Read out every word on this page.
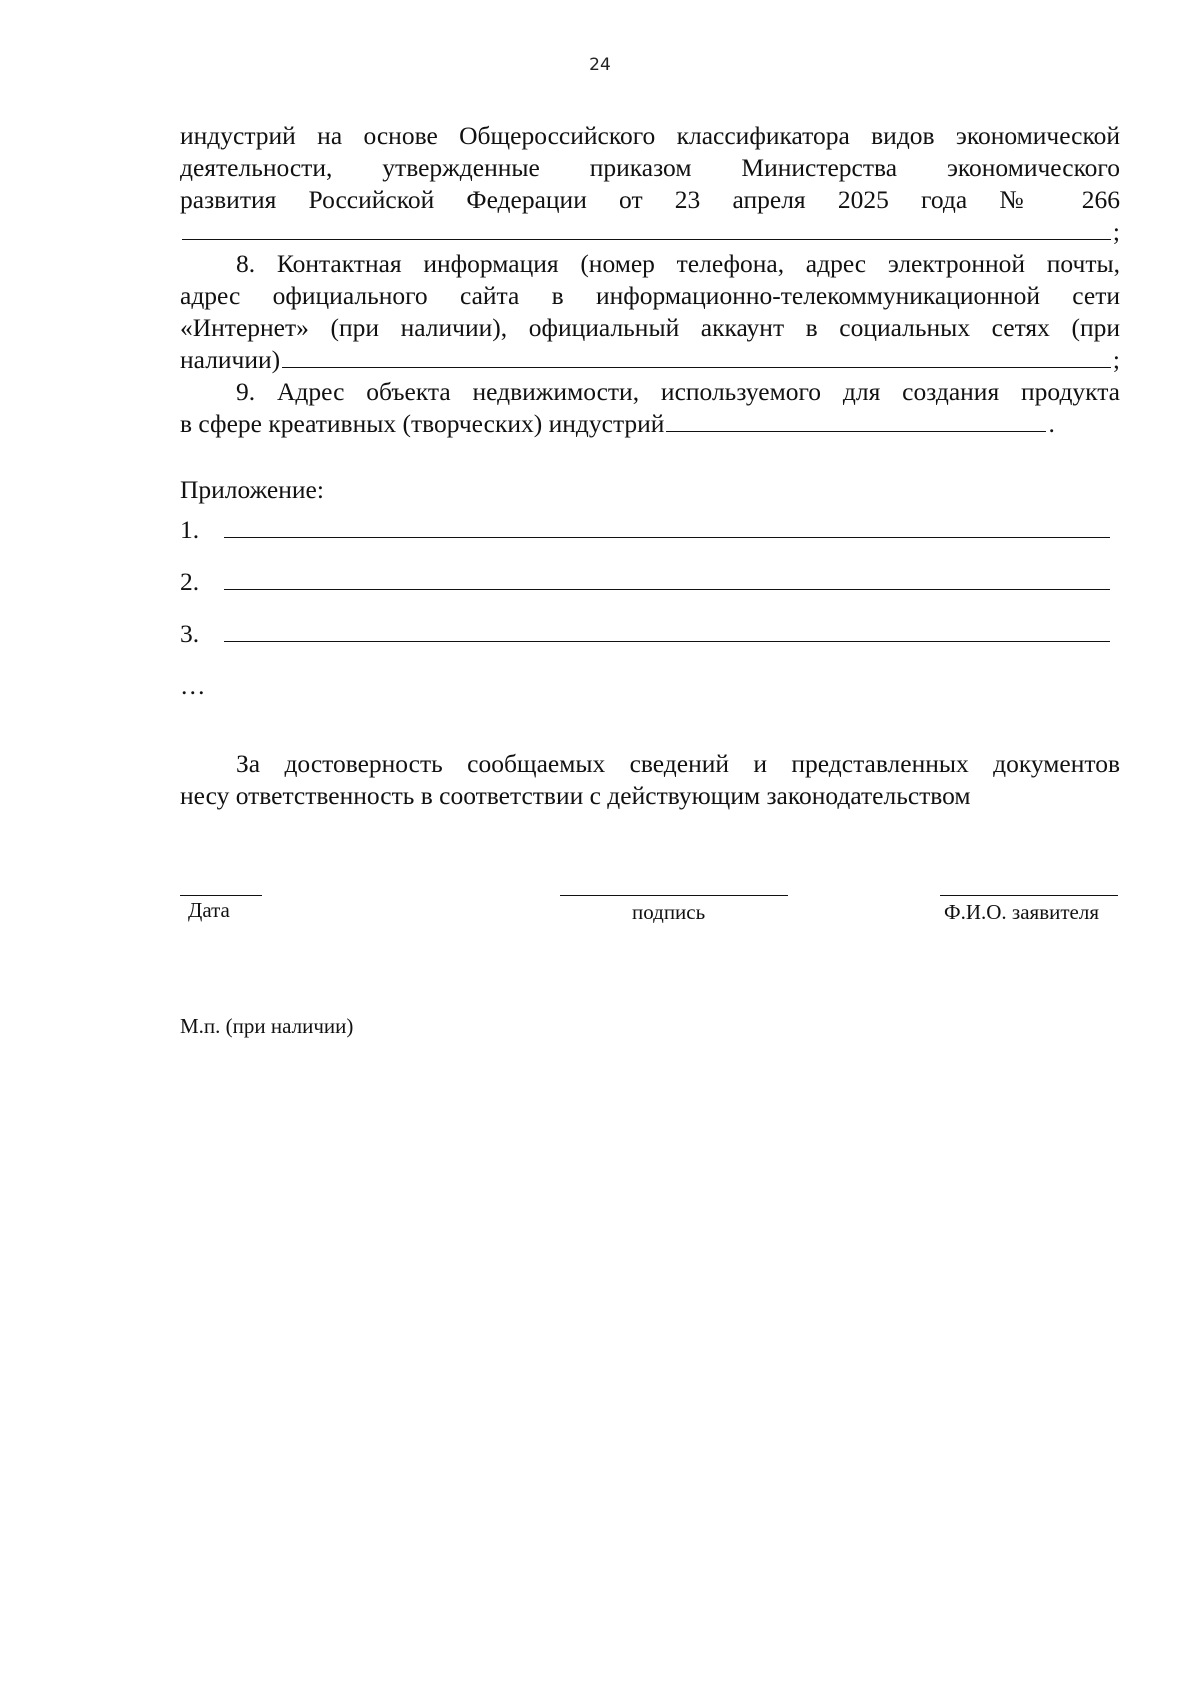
24
индустрий на основе Общероссийского классификатора видов экономической
деятельности, утвержденные приказом Министерства экономического
развития Российской Федерации от 23 апреля 2025 года № 266
;
8. Контактная информация (номер телефона, адрес электронной почты,
адрес официального сайта в информационно-телекоммуникационной сети
«Интернет» (при наличии), официальный аккаунт в социальных сетях (при
наличии)	;
9. Адрес объекта недвижимости, используемого для создания продукта
в сфере креативных (творческих) индустрий	.
Приложение:
1.
2.
3.
…
За достоверность сообщаемых сведений и представленных документов
несу ответственность в соответствии с действующим законодательством
Дата	подпись	Ф.И.О. заявителя
М.п. (при наличии)
